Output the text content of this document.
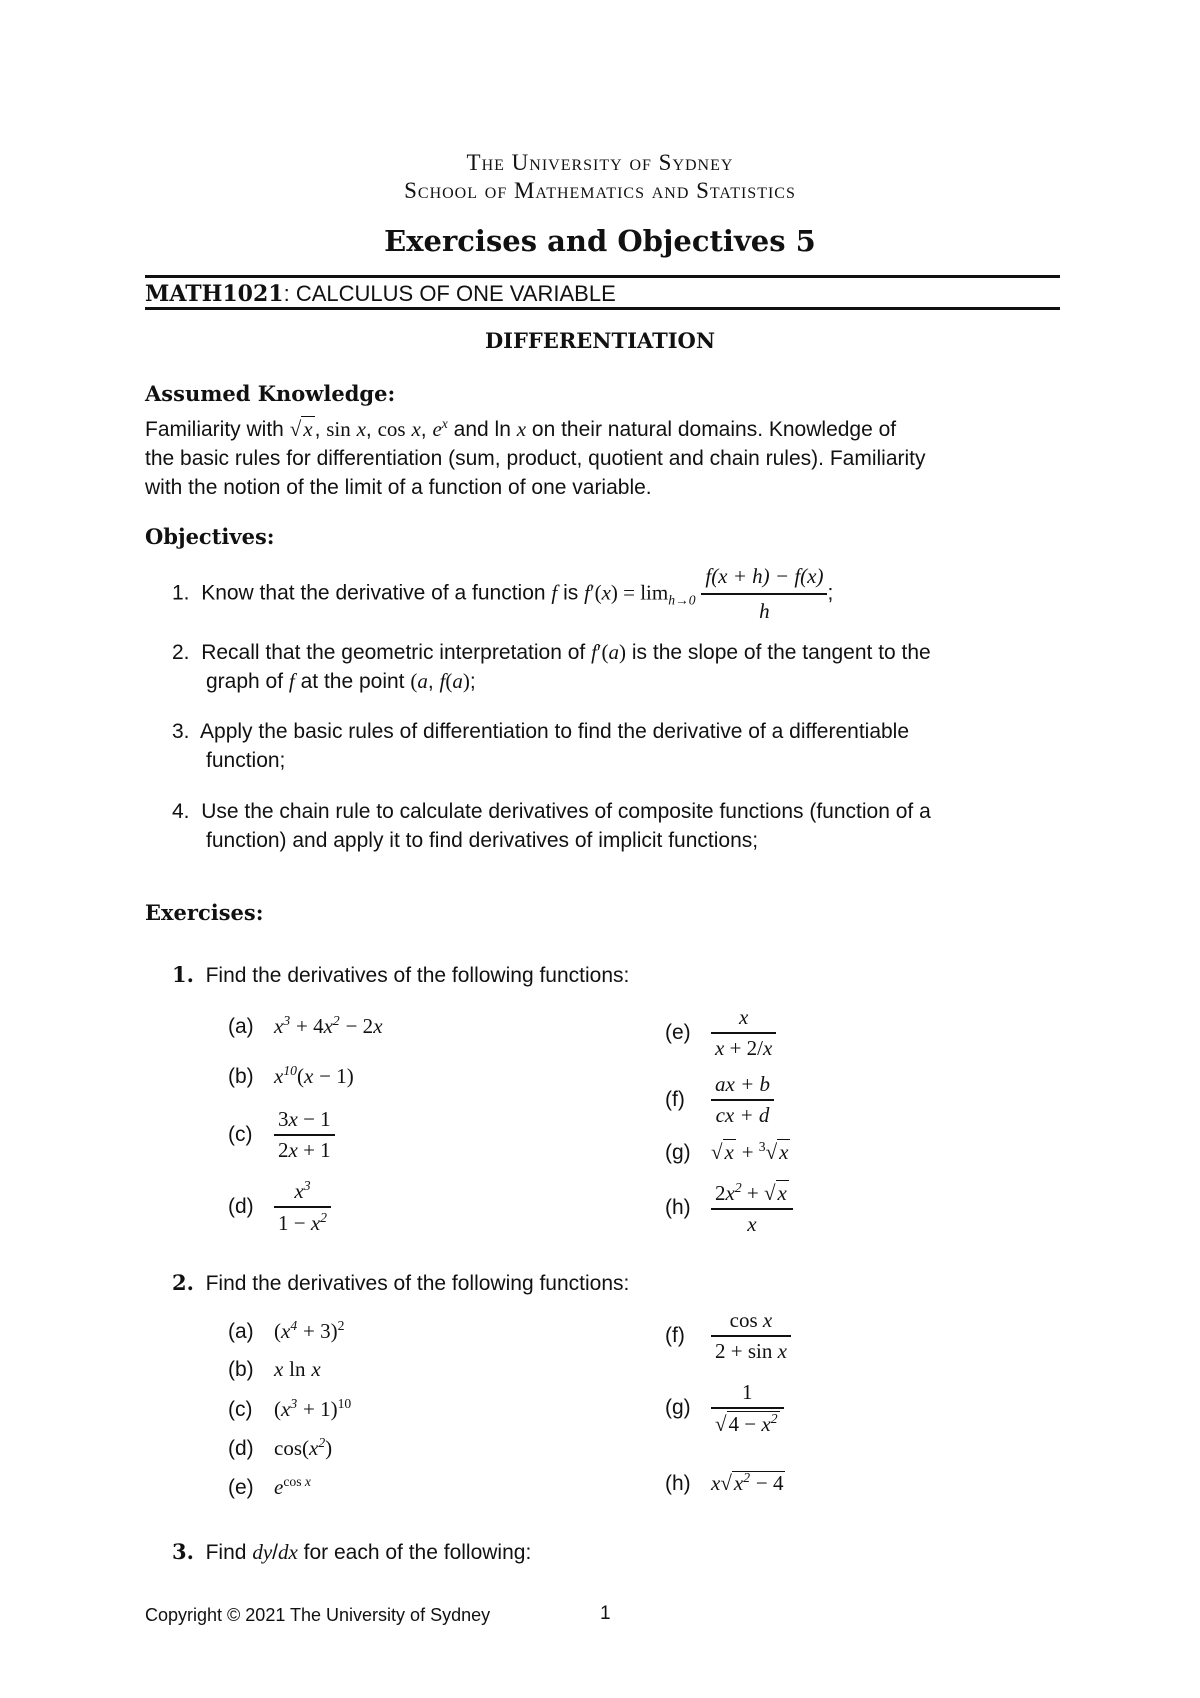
The University of Sydney
School of Mathematics and Statistics
Exercises and Objectives 5
MATH1021: CALCULUS OF ONE VARIABLE
DIFFERENTIATION
Assumed Knowledge:
Familiarity with √x, sin x, cos x, $e^x$ and ln x on their natural domains. Knowledge of
the basic rules for differentiation (sum, product, quotient and chain rules). Familiarity
with the notion of the limit of a function of one variable.
Objectives:
1. Know that the derivative of a function f is $f'(x) = \lim_{h\to 0} \frac{f(x + h) - f(x)}{h}$ ;
2. Recall that the geometric interpretation of f′(a) is the slope of the tangent to the
graph of f at the point (a, f(a);
3. Apply the basic rules of differentiation to find the derivative of a differentiable
function;
4. Use the chain rule to calculate derivatives of composite functions (function of a
function) and apply it to find derivatives of implicit functions;
Exercises:
1. Find the derivatives of the following functions:
(a) $x^3 + 4x^2 - 2x$
(b) $x^{10}(x - 1)$
$(c) \frac{3x - 1}{2x + 1}$
$(d) \frac{x^3}{1 - x^2}$
$(e) \frac{x}{x + 2/x}$
$(f) \frac{ax + b}{cx + d}$
(g) √x + $^3$√x
$(h) \frac{2x^2 + √x}{x}$
2. Find the derivatives of the following functions:
(a) $(x^4 + 3)^2$
(b) x ln x
(c) $(x^3 + 1)^{10}$
(d) $\cos(x^2)$
(e) $e^{cos x}$
$(f) \frac{\text{cos x}}{\text{2 + sin x}}$
$(g) \frac{1}{√4 - x^2}$
(h) $x√x^2 - 4$
3. Find dy/dx for each of the following:
Copyright © 2021 The University of Sydney	1
